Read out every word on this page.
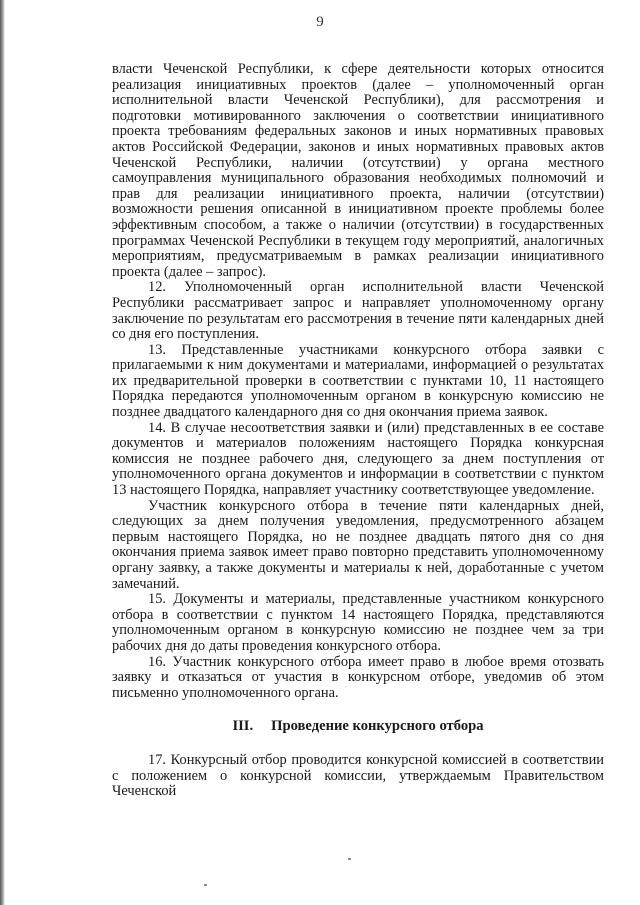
9

власти Чеченской Республики, к сфере деятельности которых относится реализация инициативных проектов (далее – уполномоченный орган исполнительной власти Чеченской Республики), для рассмотрения и подготовки мотивированного заключения о соответствии инициативного проекта требованиям федеральных законов и иных нормативных правовых актов Российской Федерации, законов и иных нормативных правовых актов Чеченской Республики, наличии (отсутствии) у органа местного самоуправления муниципального образования необходимых полномочий и прав для реализации инициативного проекта, наличии (отсутствии) возможности решения описанной в инициативном проекте проблемы более эффективным способом, а также о наличии (отсутствии) в государственных программах Чеченской Республики в текущем году мероприятий, аналогичных мероприятиям, предусматриваемым в рамках реализации инициативного проекта (далее – запрос).

12. Уполномоченный орган исполнительной власти Чеченской Республики рассматривает запрос и направляет уполномоченному органу заключение по результатам его рассмотрения в течение пяти календарных дней со дня его поступления.

13. Представленные участниками конкурсного отбора заявки с прилагаемыми к ним документами и материалами, информацией о результатах их предварительной проверки в соответствии с пунктами 10, 11 настоящего Порядка передаются уполномоченным органом в конкурсную комиссию не позднее двадцатого календарного дня со дня окончания приема заявок.

14. В случае несоответствия заявки и (или) представленных в ее составе документов и материалов положениям настоящего Порядка конкурсная комиссия не позднее рабочего дня, следующего за днем поступления от уполномоченного органа документов и информации в соответствии с пунктом 13 настоящего Порядка, направляет участнику соответствующее уведомление.

Участник конкурсного отбора в течение пяти календарных дней, следующих за днем получения уведомления, предусмотренного абзацем первым настоящего Порядка, но не позднее двадцать пятого дня со дня окончания приема заявок имеет право повторно представить уполномоченному органу заявку, а также документы и материалы к ней, доработанные с учетом замечаний.

15. Документы и материалы, представленные участником конкурсного отбора в соответствии с пунктом 14 настоящего Порядка, представляются уполномоченным органом в конкурсную комиссию не позднее чем за три рабочих дня до даты проведения конкурсного отбора.

16. Участник конкурсного отбора имеет право в любое время отозвать заявку и отказаться от участия в конкурсном отборе, уведомив об этом письменно уполномоченного органа.

III. Проведение конкурсного отбора

17. Конкурсный отбор проводится конкурсной комиссией в соответствии с положением о конкурсной комиссии, утверждаемым Правительством Чеченской
